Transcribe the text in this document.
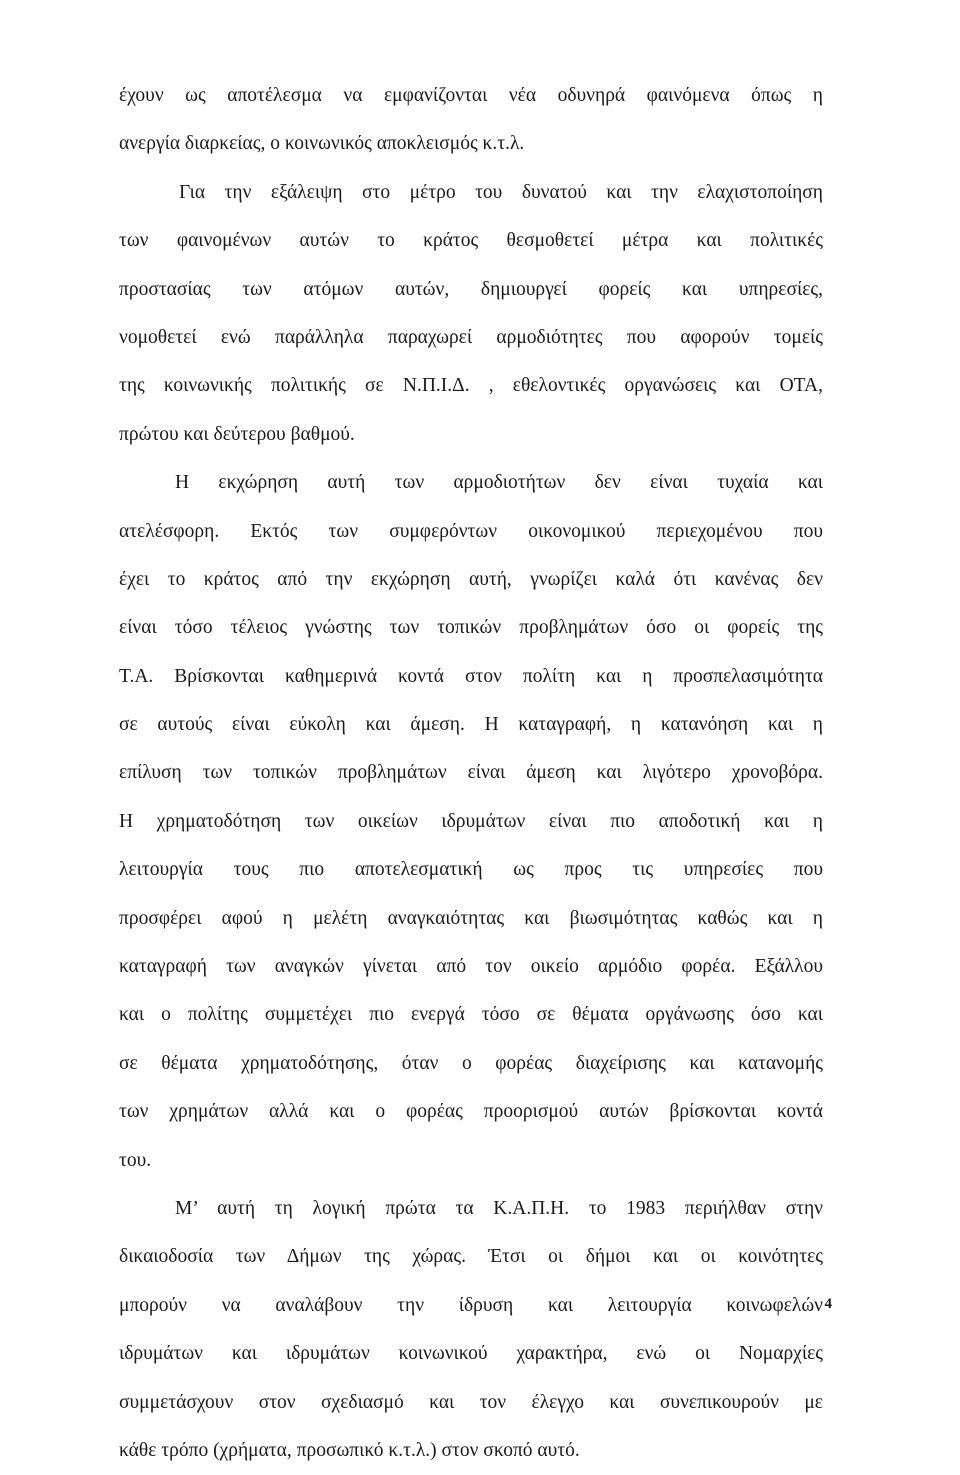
έχουν ως αποτέλεσμα να εμφανίζονται νέα οδυνηρά φαινόμενα όπως η
ανεργία διαρκείας, ο κοινωνικός αποκλεισμός κ.τ.λ.
Για την εξάλειψη στο μέτρο του δυνατού και την ελαχιστοποίηση
των φαινομένων αυτών το κράτος θεσμοθετεί μέτρα και πολιτικές
προστασίας των ατόμων αυτών, δημιουργεί φορείς και υπηρεσίες,
νομοθετεί ενώ παράλληλα παραχωρεί αρμοδιότητες που αφορούν τομείς
της κοινωνικής πολιτικής σε Ν.Π.Ι.Δ. , εθελοντικές οργανώσεις και ΟΤΑ,
πρώτου και δεύτερου βαθμού.
Η εκχώρηση αυτή των αρμοδιοτήτων δεν είναι τυχαία και
ατελέσφορη. Εκτός των συμφερόντων οικονομικού περιεχομένου που
έχει το κράτος από την εκχώρηση αυτή, γνωρίζει καλά ότι κανένας δεν
είναι τόσο τέλειος γνώστης των τοπικών προβλημάτων όσο οι φορείς της
Τ.Α. Βρίσκονται καθημερινά κοντά στον πολίτη και η προσπελασιμότητα
σε αυτούς είναι εύκολη και άμεση. Η καταγραφή, η κατανόηση και η
επίλυση των τοπικών προβλημάτων είναι άμεση και λιγότερο χρονοβόρα.
Η χρηματοδότηση των οικείων ιδρυμάτων είναι πιο αποδοτική και η
λειτουργία τους πιο αποτελεσματική ως προς τις υπηρεσίες που
προσφέρει αφού η μελέτη αναγκαιότητας και βιωσιμότητας καθώς και η
καταγραφή των αναγκών γίνεται από τον οικείο αρμόδιο φορέα. Εξάλλου
και ο πολίτης συμμετέχει πιο ενεργά τόσο σε θέματα οργάνωσης όσο και
σε θέματα χρηματοδότησης, όταν ο φορέας διαχείρισης και κατανομής
των χρημάτων αλλά και ο φορέας προορισμού αυτών βρίσκονται κοντά
του.
Μ’ αυτή τη λογική πρώτα τα Κ.Α.Π.Η. το 1983 περιήλθαν στην
δικαιοδοσία των Δήμων της χώρας. Έτσι οι δήμοι και οι κοινότητες
μπορούν να αναλάβουν την ίδρυση και λειτουργία κοινωφελών
ιδρυμάτων και ιδρυμάτων κοινωνικού χαρακτήρα, ενώ οι Νομαρχίες
συμμετάσχουν στον σχεδιασμό και τον έλεγχο και συνεπικουρούν με
κάθε τρόπο (χρήματα, προσωπικό κ.τ.λ.) στον σκοπό αυτό.
4
